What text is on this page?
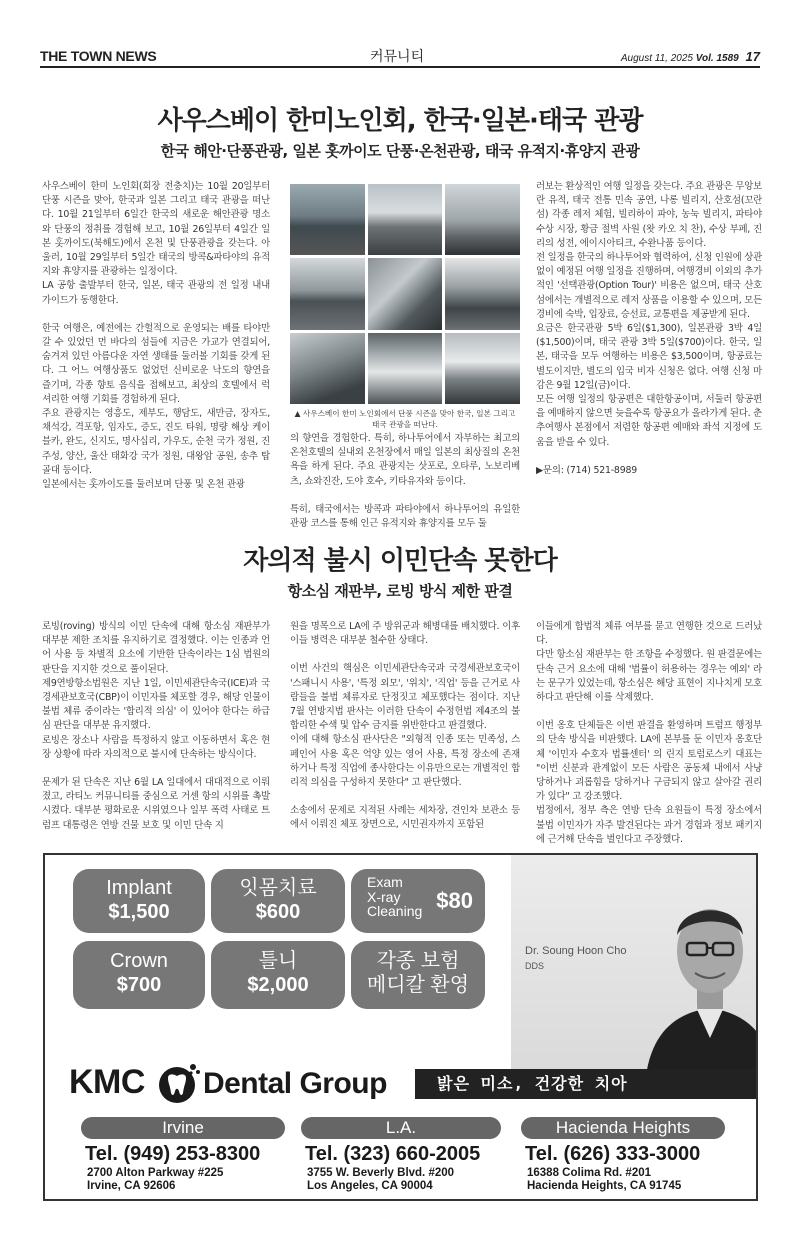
THE TOWN NEWS	커뮤니티	August 11, 2025 Vol. 1589 17
사우스베이 한미노인회, 한국·일본·태국 관광
한국 해안·단풍관광, 일본 홋까이도 단풍·온천관광, 태국 유적지·휴양지 관광

사우스베이 한미 노인회(회장 전충치)는 10월 20일부터 단풍 시즌을 맞아, 한국과 일본 그리고 태국 관광을 떠난다. 10월 21일부터 6일간 한국의 새로운 해안관광 명소와 단풍의 정취를 경험해 보고, 10월 26일부터 4일간 일본 홋까이도(북해도)에서 온천 및 단풍관광을 갖는다. 아울러, 10월 29일부터 5일간 태국의 방콕&파타야의 유적지와 휴양지를 관광하는 일정이다.

LA 공항 출발부터 한국, 일본, 태국 관광의 전 일정 내내 가이드가 동행한다.

한국 여행은, 예전에는 간헐적으로 운영되는 배를 타야만 갈 수 있었던 먼 바다의 섬들에 지금은 가교가 연결되어, 숨겨져 있던 아름다운 자연 생태를 둘러볼 기회를 갖게 된다. 그 어느 여행상품도 없었던 신비로운 낙도의 향연을 즐기며, 각종 향토 음식을 접해보고, 최상의 호텔에서 럭셔리한 여행 기회를 경험하게 된다.

주요 관광지는 영흥도, 제부도, 행담도, 새만금, 장자도, 채석강, 격포항, 임자도, 증도, 진도 타워, 명량 해상 케이블카, 완도, 신지도, 명사십리, 가우도, 순천 국가 정원, 진주성, 양산, 울산 태화강 국가 정원, 대왕암 공원, 송추 탑골대 등이다.

일본에서는 홋까이도를 둘러보며 단풍 및 온천 관광

▲ 사우스베이 한미 노인회에서 단풍 시즌을 맞아 한국, 일본 그리고 태국 관광을 떠난다.

의 향연을 경험한다. 특히, 하나투어에서 자부하는 최고의 온천호텔의 실내외 온천장에서 매일 일본의 최상질의 온천욕을 하게 된다. 주요 관광지는 삿포로, 오타루, 노보리베츠, 쇼와진잔, 도야 호수, 키타유자와 등이다.

특히, 태국에서는 방콕과 파타야에서 하나투어의 유일한 관광 코스를 통해 인근 유적지와 휴양지를 모두 둘

러보는 환상적인 여행 일정을 갖는다. 주요 관광은 무앙보란 유적, 태국 전통 민속 공연, 나롱 빌리지, 산호섬(꼬란섬) 각종 레저 체험, 빌리하이 파야, 농눅 빌리지, 파타야 수상 시장, 황금 절벽 사원 (왓 카오 치 찬), 수상 부페, 진리의 성전, 에이시아티크, 수완나품 등이다.

전 일정을 한국의 하나투어와 협력하여, 신청 인원에 상관없이 예정된 여행 일정을 진행하며, 여행경비 이외의 추가적인 '선택관광(Option Tour)' 비용은 없으며, 태국 산호섬에서는 개별적으로 레저 상품을 이용할 수 있으며, 모든 경비에 숙박, 입장료, 승선료, 교통편을 제공받게 된다.

요금은 한국관광 5박 6일($1,300), 일본관광 3박 4일($1,500)이며, 태국 관광 3박 5일($700)이다. 한국, 일본, 태국을 모두 여행하는 비용은 $3,500이며, 항공료는 별도이지만, 별도의 입국 비자 신청은 없다. 여행 신청 마감은 9월 12일(금)이다.

모든 여행 일정의 항공편은 대한항공이며, 서둘러 항공편을 예매하지 않으면 늦을수록 항공요가 올라가게 된다. 춘추여행사 본점에서 저렴한 항공편 예매와 좌석 지정에 도움을 받을 수 있다.

▶문의: (714) 521-8989

자의적 불시 이민단속 못한다
항소심 재판부, 로빙 방식 제한 판결

로빙(roving) 방식의 이민 단속에 대해 항소심 재판부가 대부분 제한 조치를 유지하기로 결정했다. 이는 인종과 언어 사용 등 차별적 요소에 기반한 단속이라는 1심 법원의 판단을 지지한 것으로 풀이된다.

제9연방항소법원은 지난 1일, 이민세관단속국(ICE)과 국경세관보호국(CBP)이 이민자를 체포할 경우, 해당 인물이 불법 체류 중이라는 '합리적 의심' 이 있어야 한다는 하급심 판단을 대부분 유지했다.

로빙은 장소나 사람을 특정하지 않고 이동하면서 혹은 현장 상황에 따라 자의적으로 불시에 단속하는 방식이다.

문제가 된 단속은 지난 6월 LA 일대에서 대대적으로 이뤄졌고, 라티노 커뮤니티를 중심으로 거센 항의 시위를 촉발시켰다. 대부분 평화로운 시위였으나 일부 폭력 사태로 트럼프 대통령은 연방 건물 보호 및 이민 단속 지

원을 명목으로 LA에 주 방위군과 해병대를 배치했다. 이후 이들 병력은 대부분 철수한 상태다.

이번 사건의 핵심은 이민세관단속국과 국경세관보호국이 '스패니시 사용', '특정 외모', '위치', '직업' 등을 근거로 사람들을 불법 체류자로 단정짓고 체포했다는 점이다. 지난 7월 연방지법 판사는 이러한 단속이 수정헌법 제4조의 불합리한 수색 및 압수 금지를 위반한다고 판결했다.

이에 대해 항소심 판사단은 "외형적 인종 또는 민족성, 스페인어 사용 혹은 억양 있는 영어 사용, 특정 장소에 존재하거나 특정 직업에 종사한다는 이유만으로는 개별적인 합리적 의심을 구성하지 못한다" 고 판단했다.

소송에서 문제로 지적된 사례는 세차장, 견인차 보관소 등에서 이뤄진 체포 장면으로, 시민권자까지 포함된

이들에게 합법적 체류 여부를 묻고 연행한 것으로 드러났다.

다만 항소심 재판부는 한 조항을 수정했다. 원 판결문에는 단속 근거 요소에 대해 '법률이 허용하는 경우는 예외' 라는 문구가 있었는데, 항소심은 해당 표현이 지나치게 모호하다고 판단해 이를 삭제했다.

이번 옹호 단체들은 이번 판결을 환영하며 트럼프 행정부의 단속 방식을 비판했다. LA에 본부를 둔 이민자 옹호단체 '이민자 수호자 법률센터' 의 린지 토럼로스키 대표는 "이번 신분과 관계없이 모든 사람은 공동체 내에서 사냥당하거나 괴롭힘을 당하거나 구금되지 않고 살아갈 권리가 있다" 고 강조했다.

법정에서, 정부 측은 연방 단속 요원들이 특정 장소에서 불법 이민자가 자주 발견된다는 과거 경험과 정보 패키지에 근거해 단속을 벌인다고 주장했다.

Implant
$1,500
잇몸치료
$600
Exam
X-ray
Cleaning $80
Crown
$700
틀니
$2,000
각종 보험
메디칼 환영
Dr. Soung Hoon Cho
DDS
KMC Dental Group	밝은 미소, 건강한 치아
Irvine
Tel. (949) 253-8300
2700 Alton Parkway #225
Irvine, CA 92606
L.A.
Tel. (323) 660-2005
3755 W. Beverly Blvd. #200
Los Angeles, CA 90004
Hacienda Heights
Tel. (626) 333-3000
16388 Colima Rd. #201
Hacienda Heights, CA 91745
